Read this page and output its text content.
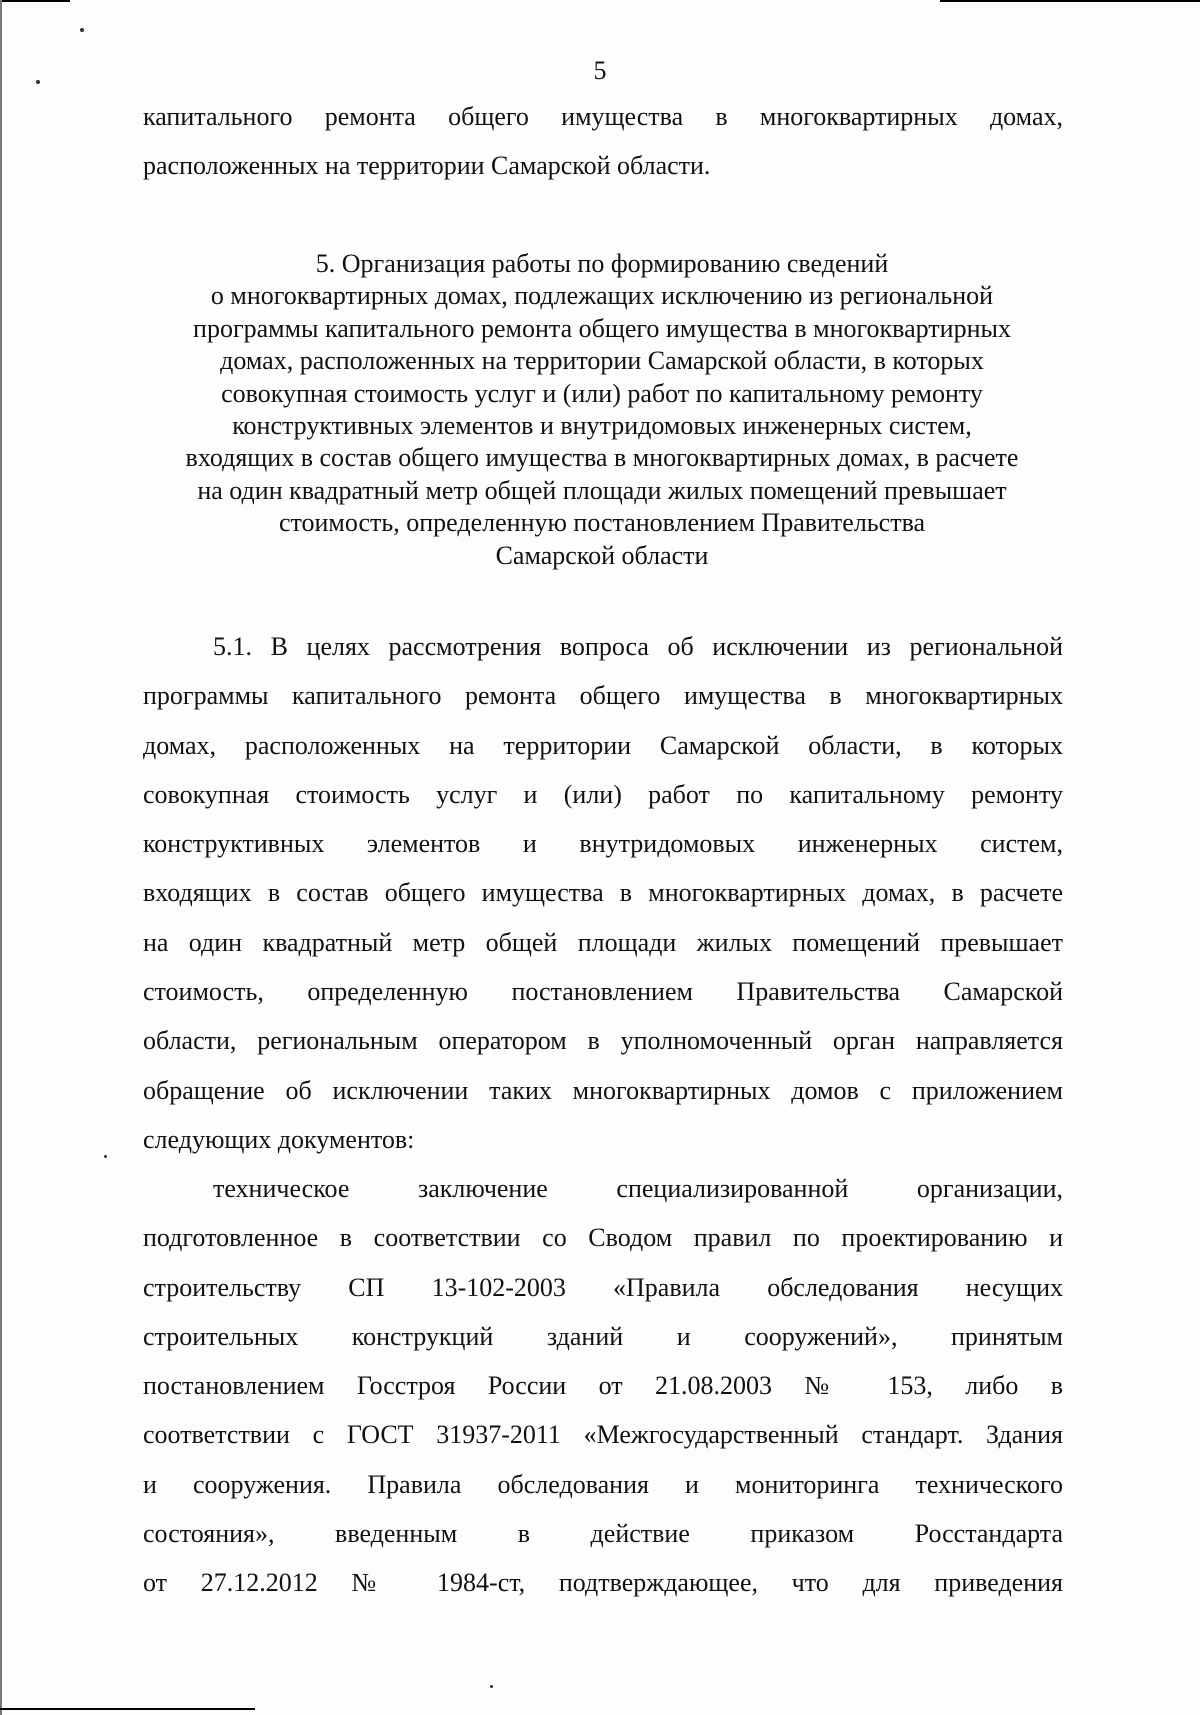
5

капитального ремонта общего имущества в многоквартирных домах,

расположенных на территории Самарской области.

5. Организация работы по формированию сведений
о многоквартирных домах, подлежащих исключению из региональной
программы капитального ремонта общего имущества в многоквартирных
домах, расположенных на территории Самарской области, в которых
совокупная стоимость услуг и (или) работ по капитальному ремонту
конструктивных элементов и внутридомовых инженерных систем,
входящих в состав общего имущества в многоквартирных домах, в расчете
на один квадратный метр общей площади жилых помещений превышает
стоимость, определенную постановлением Правительства
Самарской области

5.1. В целях рассмотрения вопроса об исключении из региональной

программы капитального ремонта общего имущества в многоквартирных

домах, расположенных на территории Самарской области, в которых

совокупная стоимость услуг и (или) работ по капитальному ремонту

конструктивных элементов и внутридомовых инженерных систем,

входящих в состав общего имущества в многоквартирных домах, в расчете

на один квадратный метр общей площади жилых помещений превышает

стоимость, определенную постановлением Правительства Самарской

области, региональным оператором в уполномоченный орган направляется

обращение об исключении таких многоквартирных домов с приложением

следующих документов:

техническое заключение специализированной организации,

подготовленное в соответствии со Сводом правил по проектированию и

строительству СП 13-102-2003 «Правила обследования несущих

строительных конструкций зданий и сооружений», принятым

постановлением Госстроя России от 21.08.2003 № 153, либо в

соответствии с ГОСТ 31937-2011 «Межгосударственный стандарт. Здания

и сооружения. Правила обследования и мониторинга технического

состояния», введенным в действие приказом Росстандарта

от 27.12.2012 № 1984-ст, подтверждающее, что для приведения
